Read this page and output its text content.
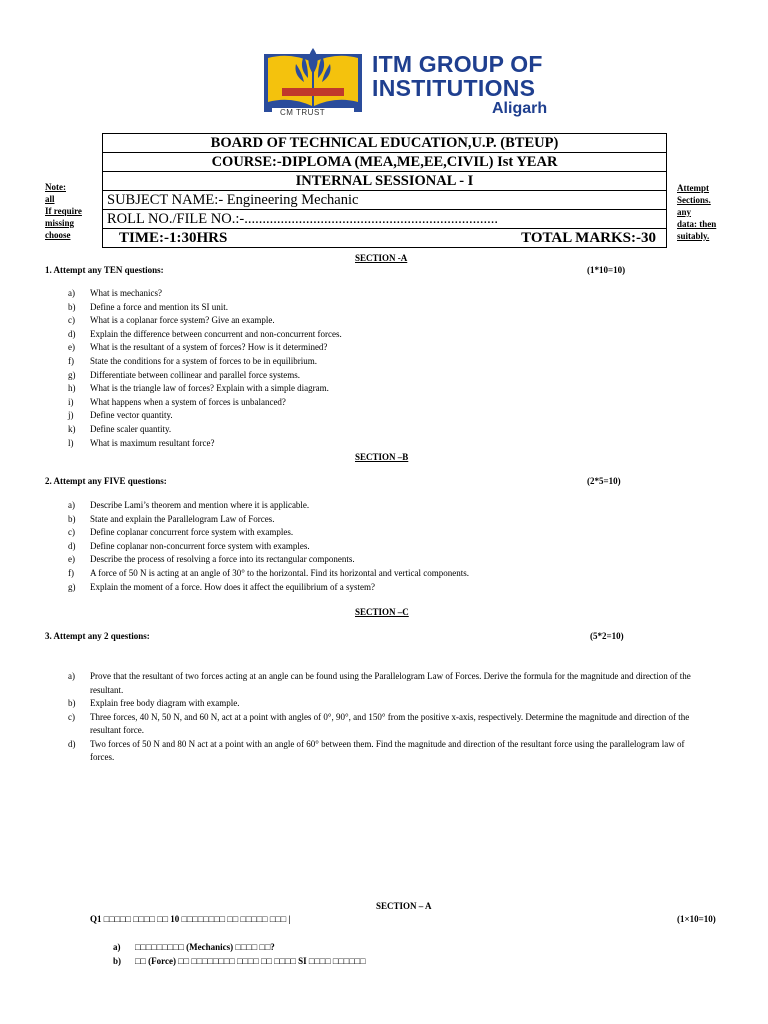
CM TRUST
ITM GROUP OF
INSTITUTIONS
Aligarh
BOARD OF TECHNICAL EDUCATION,U.P. (BTEUP)
COURSE:-DIPLOMA (MEA,ME,EE,CIVIL) Ist YEAR
INTERNAL SESSIONAL - I
SUBJECT NAME:- Engineering Mechanic
ROLL NO./FILE NO.:-......................................................................
TIME:-1:30HRS	TOTAL MARKS:-30
Note:
all
If require
missing
choose
Attempt
Sections.
any
data: then
suitably.
SECTION -A
1. Attempt any TEN questions:	(1*10=10)
a)	What is mechanics?
b)	Define a force and mention its SI unit.
c)	What is a coplanar force system? Give an example.
d)	Explain the difference between concurrent and non-concurrent forces.
e)	What is the resultant of a system of forces? How is it determined?
f)	State the conditions for a system of forces to be in equilibrium.
g)	Differentiate between collinear and parallel force systems.
h)	What is the triangle law of forces? Explain with a simple diagram.
i)	What happens when a system of forces is unbalanced?
j)	Define vector quantity.
k)	Define scaler quantity.
l)	What is maximum resultant force?
SECTION –B
2. Attempt any FIVE questions:	(2*5=10)
a)	Describe Lami’s theorem and mention where it is applicable.
b)	State and explain the Parallelogram Law of Forces.
c)	Define coplanar concurrent force system with examples.
d)	Define coplanar non-concurrent force system with examples.
e)	Describe the process of resolving a force into its rectangular components.
f)	A force of 50 N is acting at an angle of 30° to the horizontal. Find its horizontal and vertical components.
g)	Explain the moment of a force. How does it affect the equilibrium of a system?
SECTION –C
3. Attempt any 2 questions:	(5*2=10)
a)	Prove that the resultant of two forces acting at an angle can be found using the Parallelogram Law of Forces. Derive the formula for the magnitude and direction of the resultant.
b)	Explain free body diagram with example.
c)	Three forces, 40 N, 50 N, and 60 N, act at a point with angles of 0°, 90°, and 150° from the positive x-axis, respectively. Determine the magnitude and direction of the resultant force.
d)	Two forces of 50 N and 80 N act at a point with an angle of 60° between them. Find the magnitude and direction of the resultant force using the parallelogram law of forces.
SECTION – A
Q1 □□□□□ □□□□ □□ 10 □□□□□□□□ □□ □□□□□ □□□ |	(1×10=10)
a)	□□□□□□□□□ (Mechanics) □□□□ □□?
b)	□□ (Force) □□ □□□□□□□□ □□□□ □□ □□□□ SI □□□□ □□□□□□
